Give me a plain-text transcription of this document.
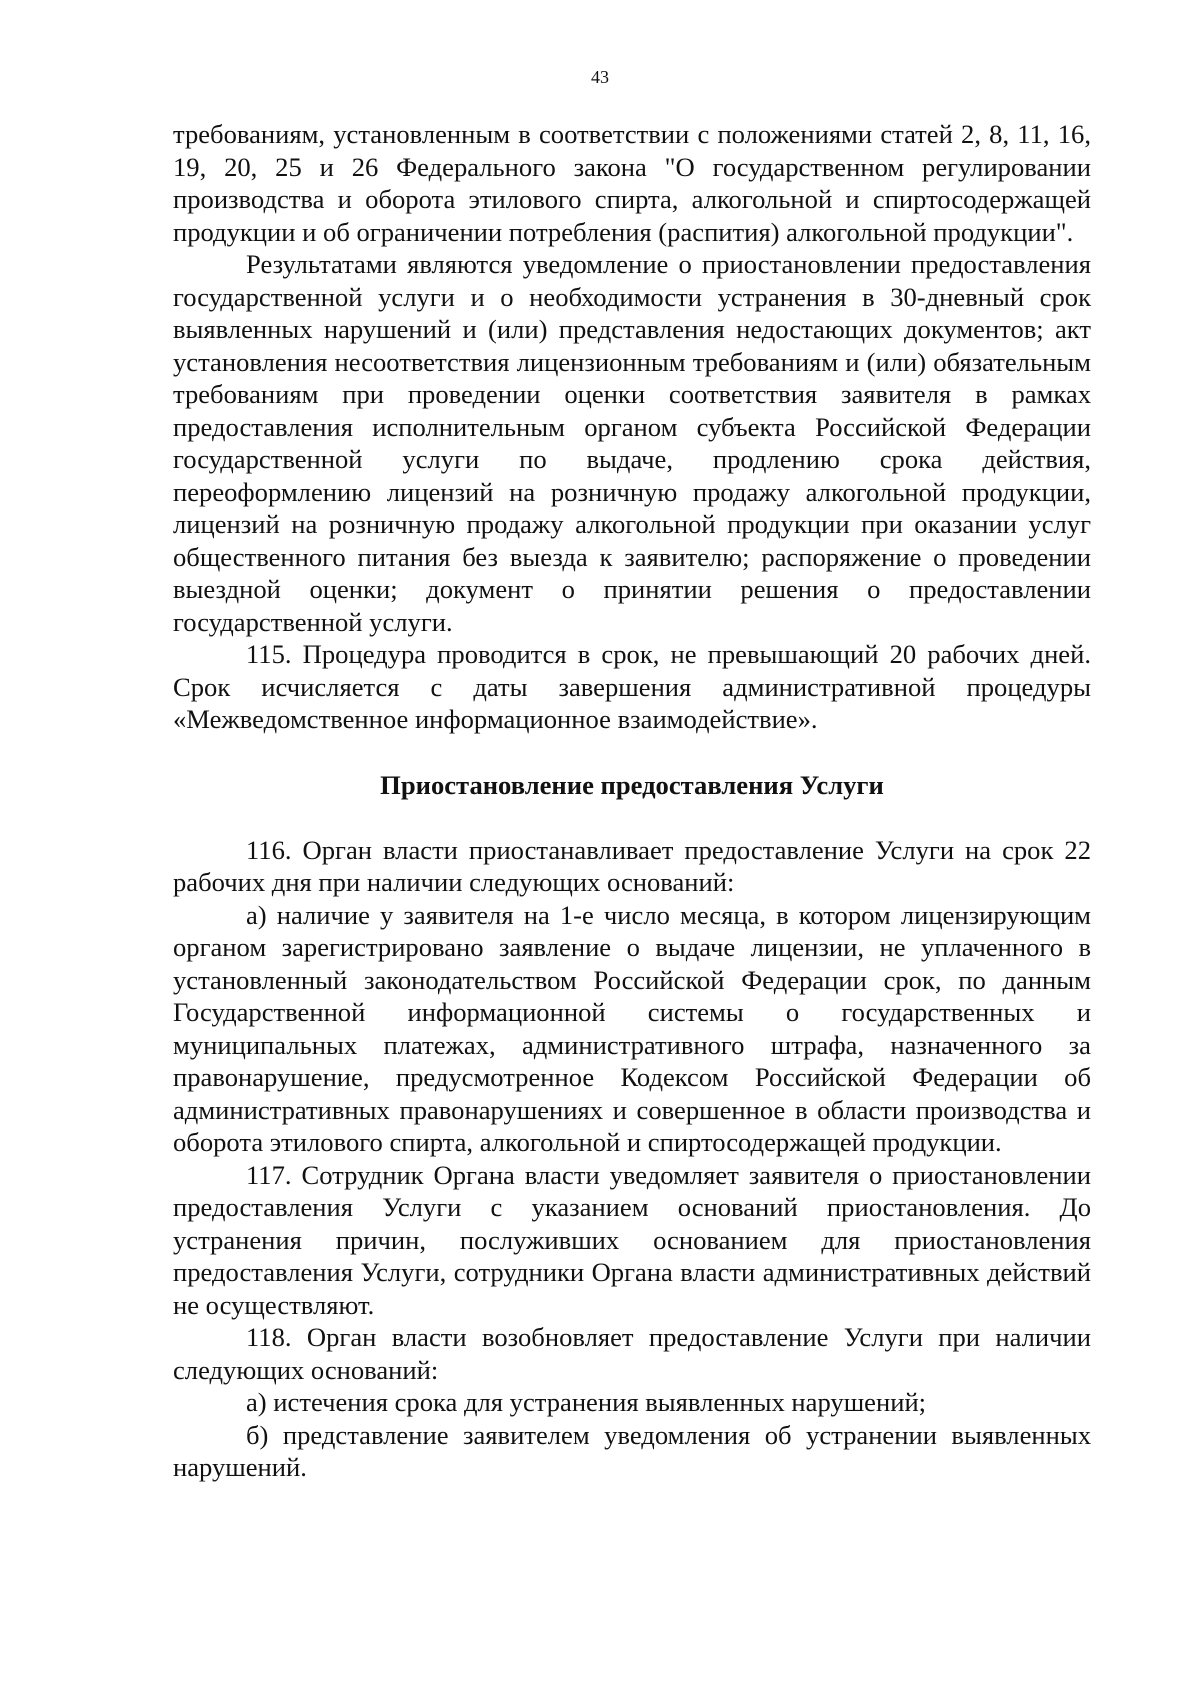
43

требованиям, установленным в соответствии с положениями статей 2, 8, 11, 16, 19, 20, 25 и 26 Федерального закона "О государственном регулировании производства и оборота этилового спирта, алкогольной и спиртосодержащей продукции и об ограничении потребления (распития) алкогольной продукции".

Результатами являются уведомление о приостановлении предоставления государственной услуги и о необходимости устранения в 30-дневный срок выявленных нарушений и (или) представления недостающих документов; акт установления несоответствия лицензионным требованиям и (или) обязательным требованиям при проведении оценки соответствия заявителя в рамках предоставления исполнительным органом субъекта Российской Федерации государственной услуги по выдаче, продлению срока действия, переоформлению лицензий на розничную продажу алкогольной продукции, лицензий на розничную продажу алкогольной продукции при оказании услуг общественного питания без выезда к заявителю; распоряжение о проведении выездной оценки; документ о принятии решения о предоставлении государственной услуги.

115. Процедура проводится в срок, не превышающий 20 рабочих дней. Срок исчисляется с даты завершения административной процедуры «Межведомственное информационное взаимодействие».

Приостановление предоставления Услуги

116. Орган власти приостанавливает предоставление Услуги на срок 22 рабочих дня при наличии следующих оснований:

а) наличие у заявителя на 1-е число месяца, в котором лицензирующим органом зарегистрировано заявление о выдаче лицензии, не уплаченного в установленный законодательством Российской Федерации срок, по данным Государственной информационной системы о государственных и муниципальных платежах, административного штрафа, назначенного за правонарушение, предусмотренное Кодексом Российской Федерации об административных правонарушениях и совершенное в области производства и оборота этилового спирта, алкогольной и спиртосодержащей продукции.

117. Сотрудник Органа власти уведомляет заявителя о приостановлении предоставления Услуги с указанием оснований приостановления. До устранения причин, послуживших основанием для приостановления предоставления Услуги, сотрудники Органа власти административных действий не осуществляют.

118. Орган власти возобновляет предоставление Услуги при наличии следующих оснований:

а) истечения срока для устранения выявленных нарушений;

б) представление заявителем уведомления об устранении выявленных нарушений.
